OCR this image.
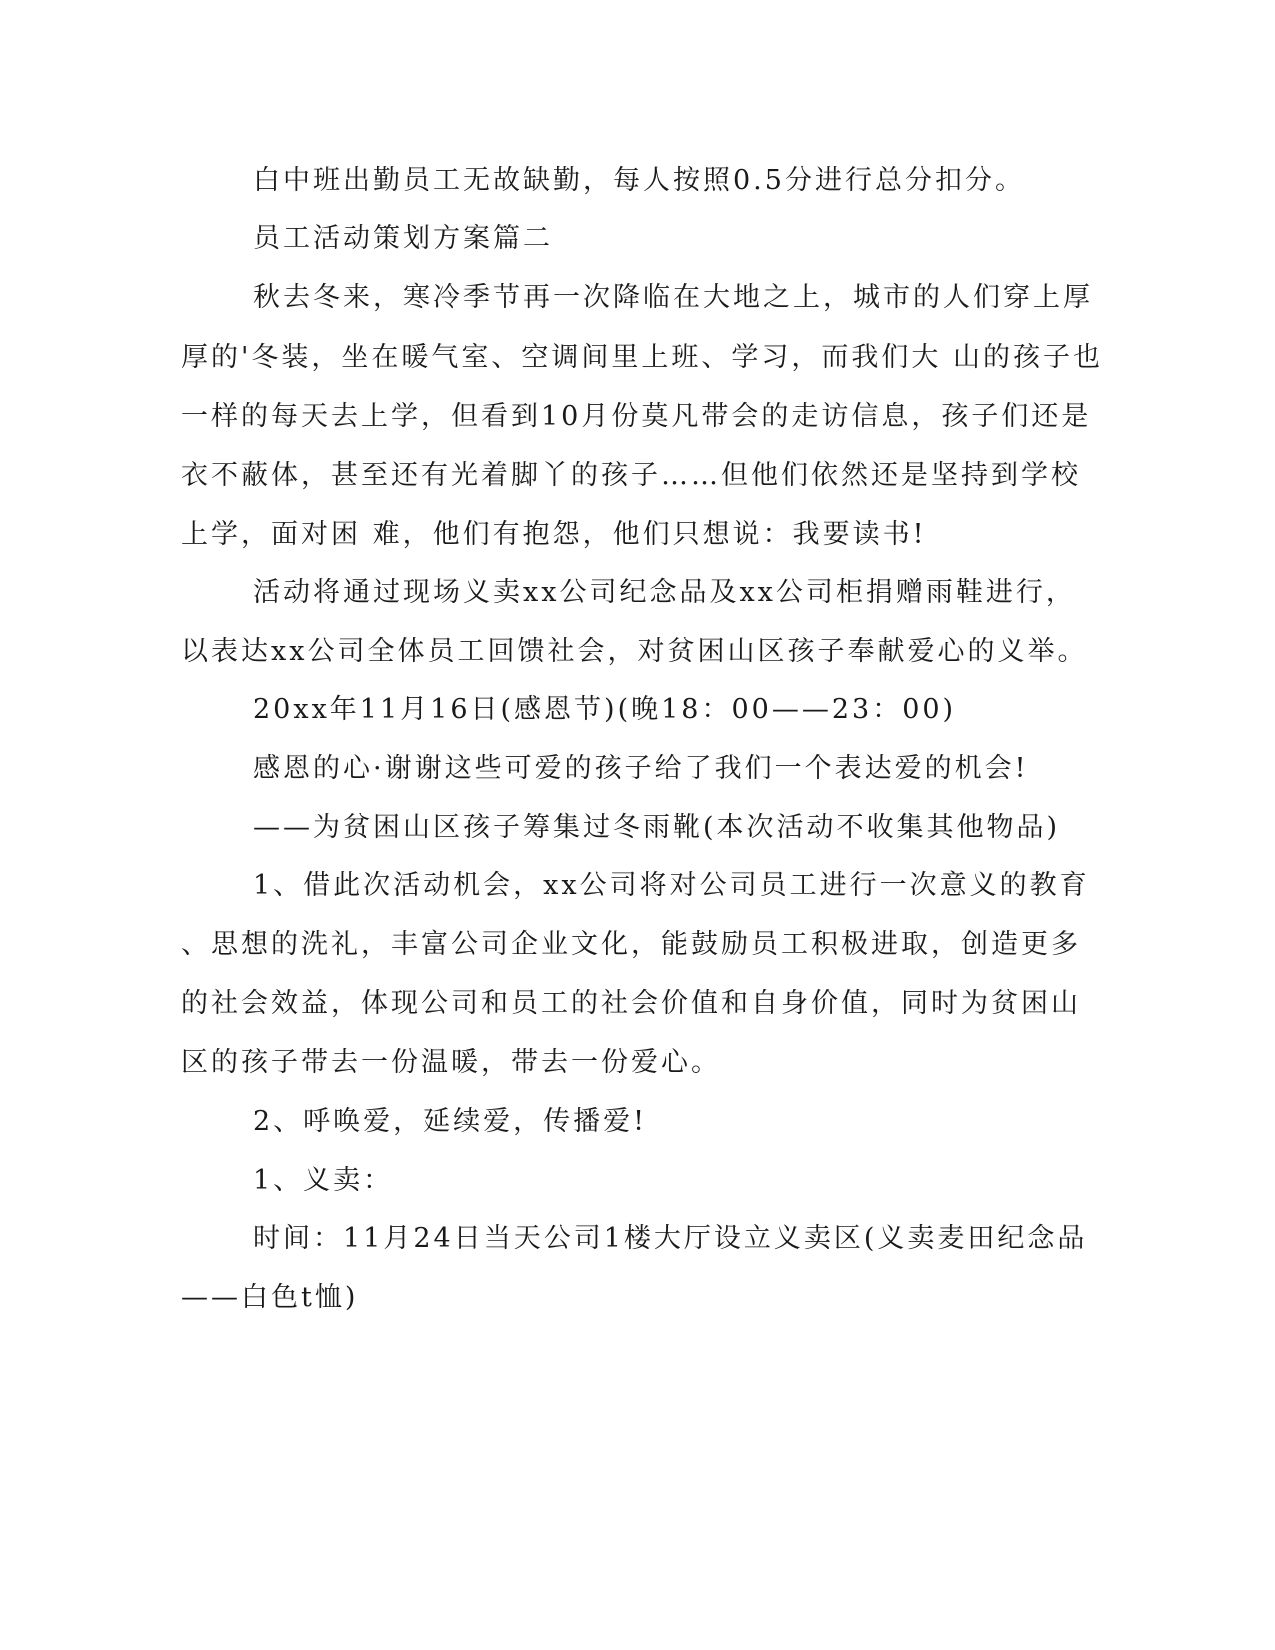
白中班出勤员工无故缺勤，每人按照0.5分进行总分扣分。
员工活动策划方案篇二
秋去冬来，寒冷季节再一次降临在大地之上，城市的人们穿上厚
厚的'冬装，坐在暖气室、空调间里上班、学习，而我们大 山的孩子也
一样的每天去上学，但看到10月份莫凡带会的走访信息，孩子们还是
衣不蔽体，甚至还有光着脚丫的孩子……但他们依然还是坚持到学校
上学，面对困 难，他们有抱怨，他们只想说：我要读书!
活动将通过现场义卖xx公司纪念品及xx公司柜捐赠雨鞋进行，
以表达xx公司全体员工回馈社会，对贫困山区孩子奉献爱心的义举。
20xx年11月16日(感恩节)(晚18：00——23：00)
感恩的心·谢谢这些可爱的孩子给了我们一个表达爱的机会!
——为贫困山区孩子筹集过冬雨靴(本次活动不收集其他物品)
1、借此次活动机会，xx公司将对公司员工进行一次意义的教育
、思想的洗礼，丰富公司企业文化，能鼓励员工积极进取，创造更多
的社会效益，体现公司和员工的社会价值和自身价值，同时为贫困山
区的孩子带去一份温暖，带去一份爱心。
2、呼唤爱，延续爱，传播爱!
1、义卖：
时间：11月24日当天公司1楼大厅设立义卖区(义卖麦田纪念品
——白色t恤)
